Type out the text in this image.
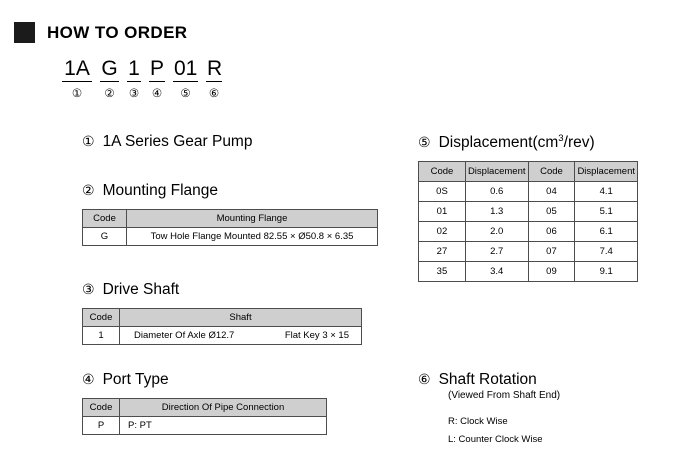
HOW TO ORDER
1A G 1 P 01 R
①	②	③ ④	⑤	⑥
① 1A Series Gear Pump
② Mounting Flange
Code	Mounting Flange
G	Tow Hole Flange Mounted 82.55 × Ø50.8 × 6.35
③ Drive Shaft
Code	Shaft
1	Diameter Of Axle Ø12.7 Flat Key 3 × 15
④ Port Type
Code	Direction Of Pipe Connection
P	P: PT
⑤ $Displacement(cm^3/rev)$
Code	Displacement	Code	Displacement
0S	0.6	04	4.1
01	1.3	05	5.1
02	2.0	06	6.1
27	2.7	07	7.4
35	3.4	09	9.1
⑥ Shaft Rotation
(Viewed From Shaft End)
R: Clock Wise
L: Counter Clock Wise
